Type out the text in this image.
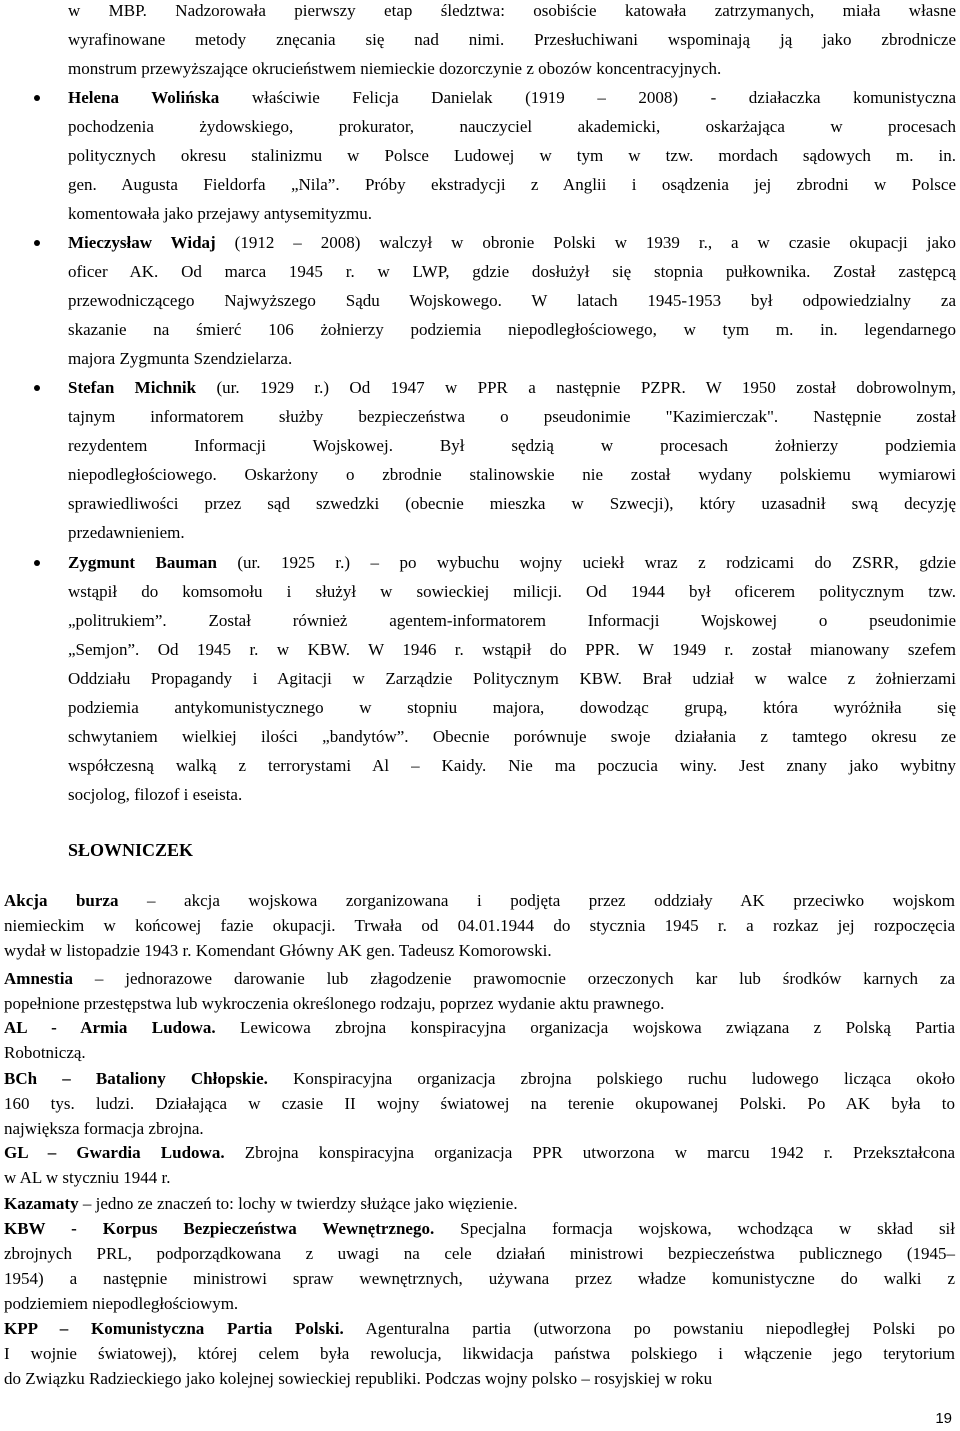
w MBP. Nadzorowała pierwszy etap śledztwa: osobiście katowała zatrzymanych, miała własne
wyrafinowane metody znęcania się nad nimi. Przesłuchiwani wspominają ją jako zbrodnicze
monstrum przewyższające okrucieństwem niemieckie dozorczynie z obozów koncentracyjnych.
Helena Wolińska właściwie Felicja Danielak (1919 – 2008) - działaczka komunistyczna
pochodzenia żydowskiego, prokurator, nauczyciel akademicki, oskarżająca w procesach
politycznych okresu stalinizmu w Polsce Ludowej w tym w tzw. mordach sądowych m. in.
gen. Augusta Fieldorfa „Nila”. Próby ekstradycji z Anglii i osądzenia jej zbrodni w Polsce
komentowała jako przejawy antysemityzmu.
Mieczysław Widaj (1912 – 2008) walczył w obronie Polski w 1939 r., a w czasie okupacji jako
oficer AK. Od marca 1945 r. w LWP, gdzie dosłużył się stopnia pułkownika. Został zastępcą
przewodniczącego Najwyższego Sądu Wojskowego. W latach 1945-1953 był odpowiedzialny za
skazanie na śmierć 106 żołnierzy podziemia niepodległościowego, w tym m. in. legendarnego
majora Zygmunta Szendzielarza.
Stefan Michnik (ur. 1929 r.) Od 1947 w PPR a następnie PZPR. W 1950 został dobrowolnym,
tajnym informatorem służby bezpieczeństwa o pseudonimie "Kazimierczak". Następnie został
rezydentem Informacji Wojskowej. Był sędzią w procesach żołnierzy podziemia
niepodległościowego. Oskarżony o zbrodnie stalinowskie nie został wydany polskiemu wymiarowi
sprawiedliwości przez sąd szwedzki (obecnie mieszka w Szwecji), który uzasadnił swą decyzję
przedawnieniem.
Zygmunt Bauman (ur. 1925 r.) – po wybuchu wojny uciekł wraz z rodzicami do ZSRR, gdzie
wstąpił do komsomołu i służył w sowieckiej milicji. Od 1944 był oficerem politycznym tzw.
„politrukiem”. Został również agentem-informatorem Informacji Wojskowej o pseudonimie
„Semjon”. Od 1945 r. w KBW. W 1946 r. wstąpił do PPR. W 1949 r. został mianowany szefem
Oddziału Propagandy i Agitacji w Zarządzie Politycznym KBW. Brał udział w walce z żołnierzami
podziemia antykomunistycznego w stopniu majora, dowodząc grupą, która wyróżniła się
schwytaniem wielkiej ilości „bandytów”. Obecnie porównuje swoje działania z tamtego okresu ze
współczesną walką z terrorystami Al – Kaidy. Nie ma poczucia winy. Jest znany jako wybitny
socjolog, filozof i eseista.
SŁOWNICZEK
Akcja burza – akcja wojskowa zorganizowana i podjęta przez oddziały AK przeciwko wojskom
niemieckim w końcowej fazie okupacji. Trwała od 04.01.1944 do stycznia 1945 r. a rozkaz jej rozpoczęcia
wydał w listopadzie 1943 r. Komendant Główny AK gen. Tadeusz Komorowski.
Amnestia – jednorazowe darowanie lub złagodzenie prawomocnie orzeczonych kar lub środków karnych za
popełnione przestępstwa lub wykroczenia określonego rodzaju, poprzez wydanie aktu prawnego.
AL - Armia Ludowa. Lewicowa zbrojna konspiracyjna organizacja wojskowa związana z Polską Partia
Robotniczą.
BCh – Bataliony Chłopskie. Konspiracyjna organizacja zbrojna polskiego ruchu ludowego licząca około
160 tys. ludzi. Działająca w czasie II wojny światowej na terenie okupowanej Polski. Po AK była to
największa formacja zbrojna.
GL – Gwardia Ludowa. Zbrojna konspiracyjna organizacja PPR utworzona w marcu 1942 r. Przekształcona
w AL w styczniu 1944 r.
Kazamaty – jedno ze znaczeń to: lochy w twierdzy służące jako więzienie.
KBW - Korpus Bezpieczeństwa Wewnętrznego. Specjalna formacja wojskowa, wchodząca w skład sił
zbrojnych PRL, podporządkowana z uwagi na cele działań ministrowi bezpieczeństwa publicznego (1945–
1954) a następnie ministrowi spraw wewnętrznych, używana przez władze komunistyczne do walki z
podziemiem niepodległościowym.
KPP – Komunistyczna Partia Polski. Agenturalna partia (utworzona po powstaniu niepodległej Polski po
I wojnie światowej), której celem była rewolucja, likwidacja państwa polskiego i włączenie jego terytorium
do Związku Radzieckiego jako kolejnej sowieckiej republiki. Podczas wojny polsko – rosyjskiej w roku
19
